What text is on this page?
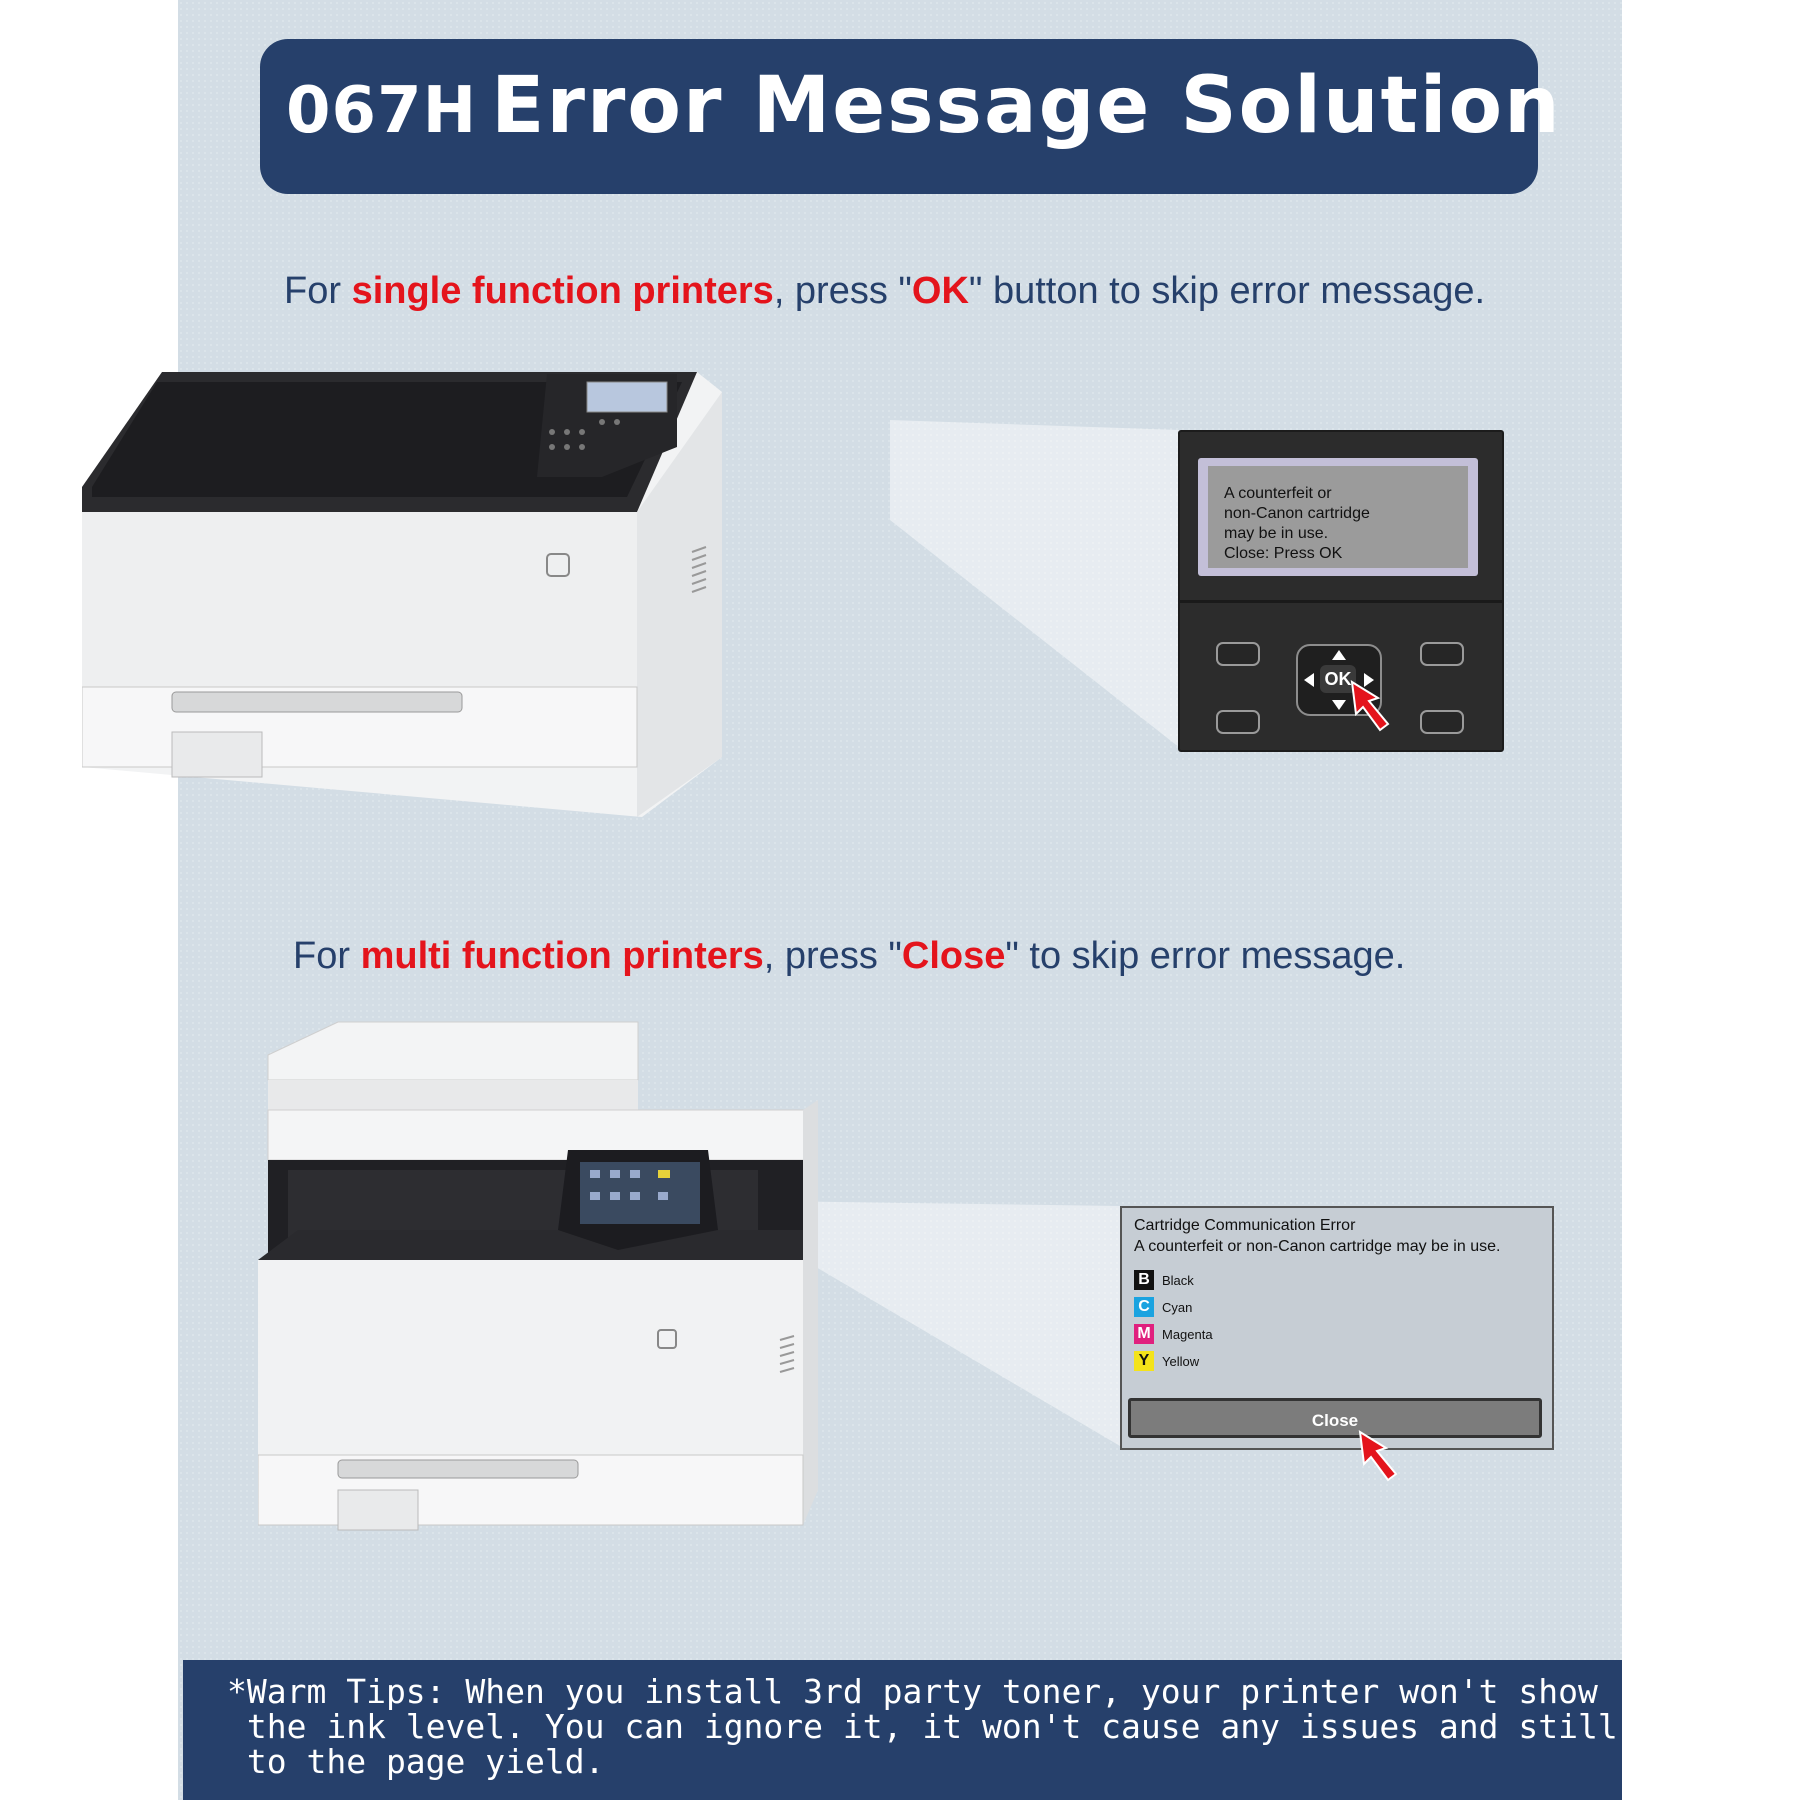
067H Error Message Solution
For single function printers, press "OK" button to skip error message.
A counterfeit or
non-Canon cartridge
may be in use.
Close: Press OK
OK
For multi function printers, press "Close" to skip error message.
Cartridge Communication Error
A counterfeit or non-Canon cartridge may be in use.
B Black
C Cyan
M Magenta
Y Yellow
Close
*Warm Tips: When you install 3rd party toner, your printer won't show
the ink level. You can ignore it, it won't cause any issues and still get up
to the page yield.
